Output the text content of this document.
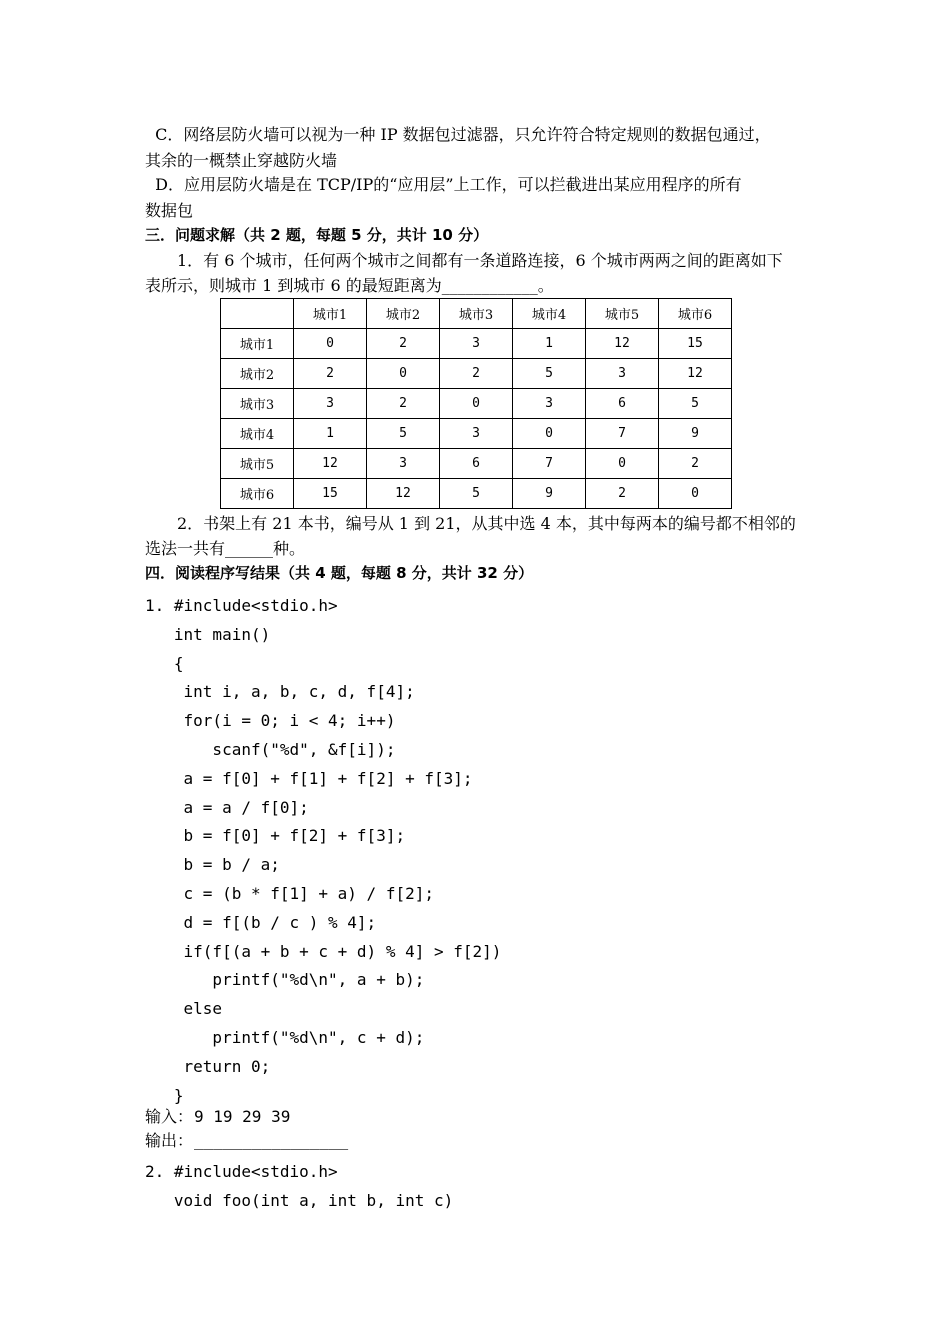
C．网络层防火墙可以视为一种 IP 数据包过滤器，只允许符合特定规则的数据包通过，
其余的一概禁止穿越防火墙
D．应用层防火墙是在 TCP/IP的“应用层”上工作，可以拦截进出某应用程序的所有
数据包
三．问题求解（共 2 题，每题 5 分，共计 10 分）
1．有 6 个城市，任何两个城市之间都有一条道路连接，6 个城市两两之间的距离如下
表所示，则城市 1 到城市 6 的最短距离为____________。
	城市1	城市2	城市3	城市4	城市5	城市6
城市1	0	2	3	1	12	15
城市2	2	0	2	5	3	12
城市3	3	2	0	3	6	5
城市4	1	5	3	0	7	9
城市5	12	3	6	7	0	2
城市6	15	12	5	9	2	0
2．书架上有 21 本书，编号从 1 到 21，从其中选 4 本，其中每两本的编号都不相邻的
选法一共有______种。
四．阅读程序写结果（共 4 题，每题 8 分，共计 32 分）
1. #include<stdio.h>
int main()
{
int i, a, b, c, d, f[4];
for(i = 0; i < 4; i++)
scanf("%d", &f[i]);
a = f[0] + f[1] + f[2] + f[3];
a = a / f[0];
b = f[0] + f[2] + f[3];
b = b / a;
c = (b * f[1] + a) / f[2];
d = f[(b / c ) % 4];
if(f[(a + b + c + d) % 4] > f[2])
printf("%d\n", a + b);
else
printf("%d\n", c + d);
return 0;
}
输入： 9 19 29 39
输出： ________________
2. #include<stdio.h>
void foo(int a, int b, int c)
